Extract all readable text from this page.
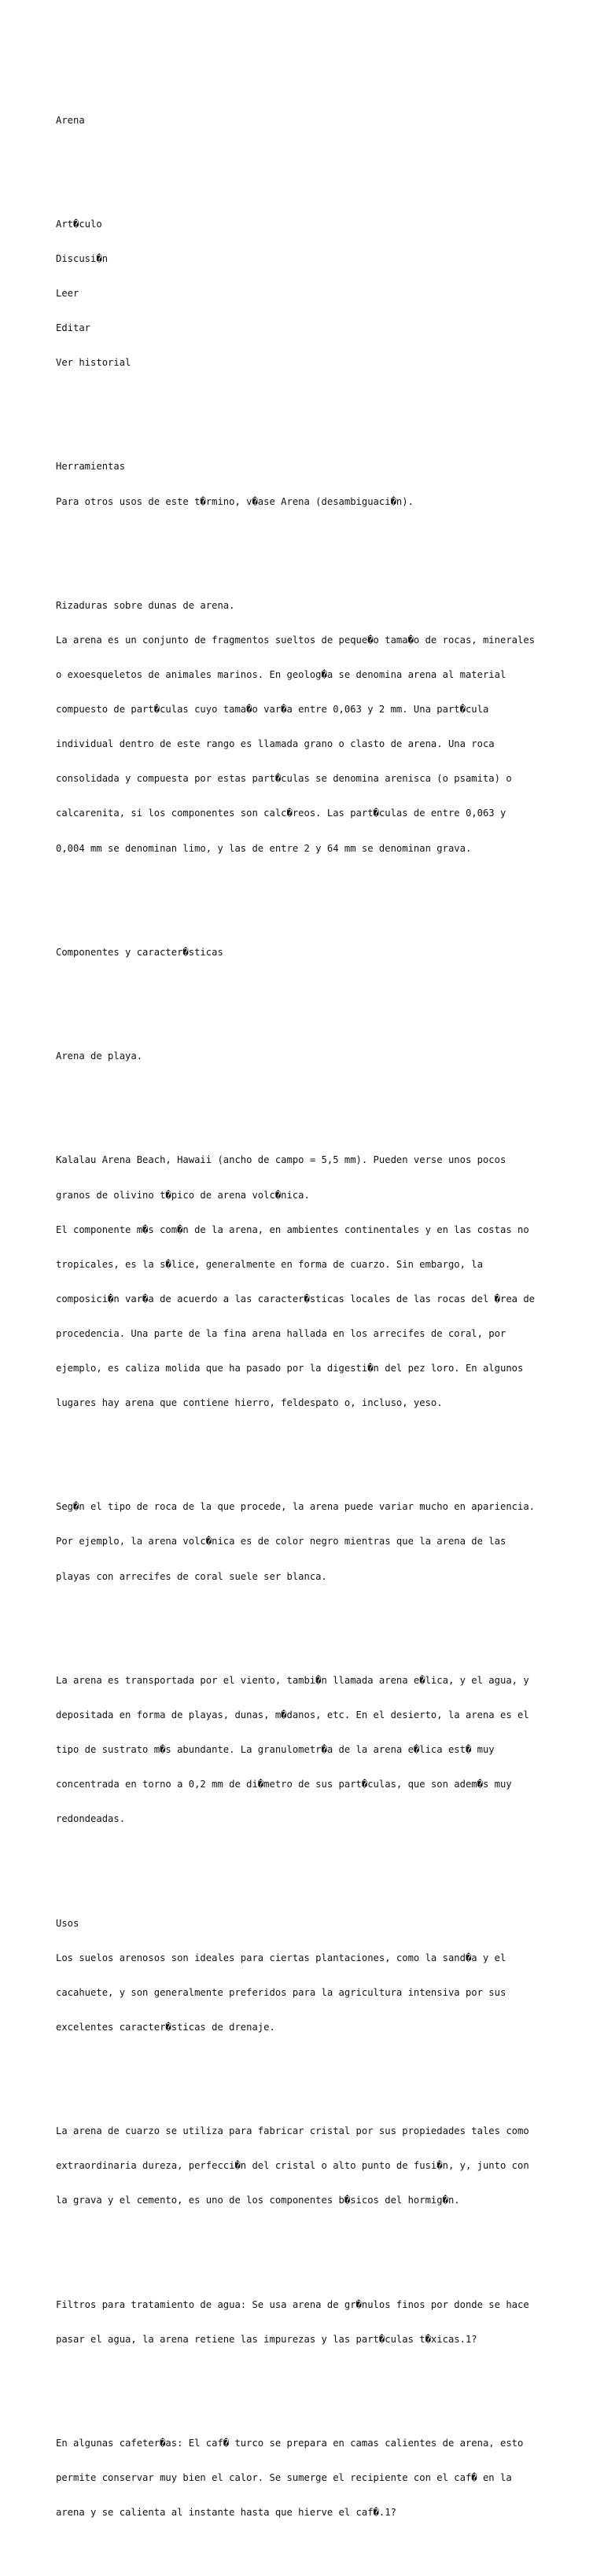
Arena

Art�culo

Discusi�n

Leer

Editar

Ver historial

Herramientas

Para otros usos de este t�rmino, v�ase Arena (desambiguaci�n).

Rizaduras sobre dunas de arena.

La arena es un conjunto de fragmentos sueltos de peque�o tama�o de rocas, minerales

o exoesqueletos de animales marinos. En geolog�a se denomina arena al material

compuesto de part�culas cuyo tama�o var�a entre 0,063 y 2 mm. Una part�cula

individual dentro de este rango es llamada grano o clasto de arena. Una roca

consolidada y compuesta por estas part�culas se denomina arenisca (o psamita) o

calcarenita, si los componentes son calc�reos. Las part�culas de entre 0,063 y

0,004 mm se denominan limo, y las de entre 2 y 64 mm se denominan grava.

Componentes y caracter�sticas

Arena de playa.

Kalalau Arena Beach, Hawaii (ancho de campo = 5,5 mm). Pueden verse unos pocos

granos de olivino t�pico de arena volc�nica.

El componente m�s com�n de la arena, en ambientes continentales y en las costas no

tropicales, es la s�lice, generalmente en forma de cuarzo. Sin embargo, la

composici�n var�a de acuerdo a las caracter�sticas locales de las rocas del �rea de

procedencia. Una parte de la fina arena hallada en los arrecifes de coral, por

ejemplo, es caliza molida que ha pasado por la digesti�n del pez loro. En algunos

lugares hay arena que contiene hierro, feldespato o, incluso, yeso.

Seg�n el tipo de roca de la que procede, la arena puede variar mucho en apariencia.

Por ejemplo, la arena volc�nica es de color negro mientras que la arena de las

playas con arrecifes de coral suele ser blanca.

La arena es transportada por el viento, tambi�n llamada arena e�lica, y el agua, y

depositada en forma de playas, dunas, m�danos, etc. En el desierto, la arena es el

tipo de sustrato m�s abundante. La granulometr�a de la arena e�lica est� muy

concentrada en torno a 0,2 mm de di�metro de sus part�culas, que son adem�s muy

redondeadas.

Usos

Los suelos arenosos son ideales para ciertas plantaciones, como la sand�a y el

cacahuete, y son generalmente preferidos para la agricultura intensiva por sus

excelentes caracter�sticas de drenaje.

La arena de cuarzo se utiliza para fabricar cristal por sus propiedades tales como

extraordinaria dureza, perfecci�n del cristal o alto punto de fusi�n, y, junto con

la grava y el cemento, es uno de los componentes b�sicos del hormig�n.

Filtros para tratamiento de agua: Se usa arena de gr�nulos finos por donde se hace

pasar el agua, la arena retiene las impurezas y las part�culas t�xicas.1?

En algunas cafeter�as: El caf� turco se prepara en camas calientes de arena, esto

permite conservar muy bien el calor. Se sumerge el recipiente con el caf� en la

arena y se calienta al instante hasta que hierve el caf�.1?
